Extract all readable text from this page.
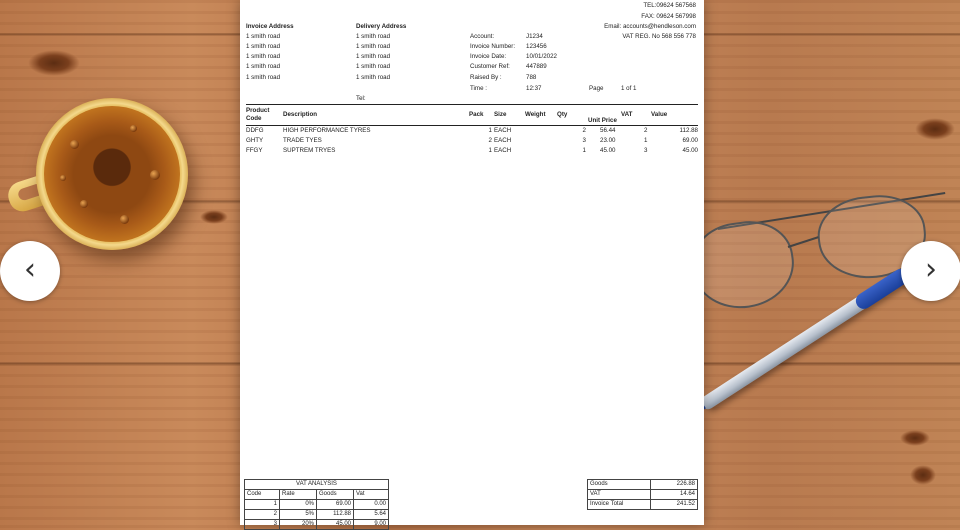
TEL:09624 567568
FAX: 09624 567998
Email: accounts@hendleson.com
VAT REG. No 568 556 778
Invoice Address
1 smith road
1 smith road
1 smith road
1 smith road
1 smith road
Delivery Address
1 smith road
1 smith road
1 smith road
1 smith road
1 smith road
Tel:
Account:	J1234
Invoice Number: 123456
Invoice Date:	10/01/2022
Customer Ref:	447889
Raised By :	788
Time :	12:37	Page	1 of 1
Product Code
Description	Pack Size	Weight Qty
Unit Price
VAT	Value
DDFG	HIGH PERFORMANCE TYRES	1 EACH	2 56.44	2	112.88
GHTY	TRADE TYES	2 EACH	3 23.00	1	69.00
FFGY	SUPTREM TRYES	1 EACH	1 45.00	3	45.00
VAT ANALYSIS			
Code	Rate	Goods	Vat
1	0%	69.00	0.00
2	5%	112.88	5.64
3	20%	45.00	9.00
Goods	226.88
VAT	14.64
Invoice Total	241.52
‹	›
